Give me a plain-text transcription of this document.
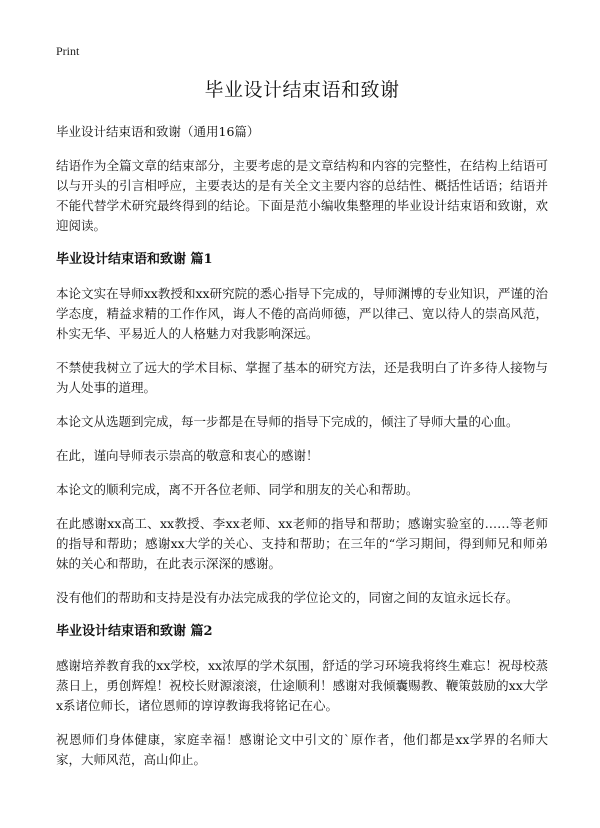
Print
毕业设计结束语和致谢

毕业设计结束语和致谢（通用16篇）

结语作为全篇文章的结束部分，主要考虑的是文章结构和内容的完整性，在结构上结语可以与开头的引言相呼应，主要表达的是有关全文主要内容的总结性、概括性话语；结语并不能代替学术研究最终得到的结论。下面是范小编收集整理的毕业设计结束语和致谢，欢迎阅读。

毕业设计结束语和致谢 篇1

本论文实在导师xx教授和xx研究院的悉心指导下完成的，导师渊博的专业知识，严谨的治学态度，精益求精的工作作风，诲人不倦的高尚师德，严以律己、宽以待人的崇高风范，朴实无华、平易近人的人格魅力对我影响深远。

不禁使我树立了远大的学术目标、掌握了基本的研究方法，还是我明白了许多待人接物与为人处事的道理。

本论文从选题到完成，每一步都是在导师的指导下完成的，倾注了导师大量的心血。

在此，谨向导师表示崇高的敬意和衷心的感谢！

本论文的顺利完成，离不开各位老师、同学和朋友的关心和帮助。

在此感谢xx高工、xx教授、李xx老师、xx老师的指导和帮助；感谢实验室的……等老师的指导和帮助；感谢xx大学的关心、支持和帮助；在三年的“学习期间，得到师兄和师弟妹的关心和帮助，在此表示深深的感谢。

没有他们的帮助和支持是没有办法完成我的学位论文的，同窗之间的友谊永远长存。

毕业设计结束语和致谢 篇2

感谢培养教育我的xx学校，xx浓厚的学术氛围，舒适的学习环境我将终生难忘！祝母校蒸蒸日上，勇创辉煌！祝校长财源滚滚，仕途顺利！感谢对我倾囊赐教、鞭策鼓励的xx大学x系诸位师长，诸位恩师的谆谆教诲我将铭记在心。

祝恩师们身体健康，家庭幸福！感谢论文中引文的`原作者，他们都是xx学界的名师大家，大师风范，高山仰止。
